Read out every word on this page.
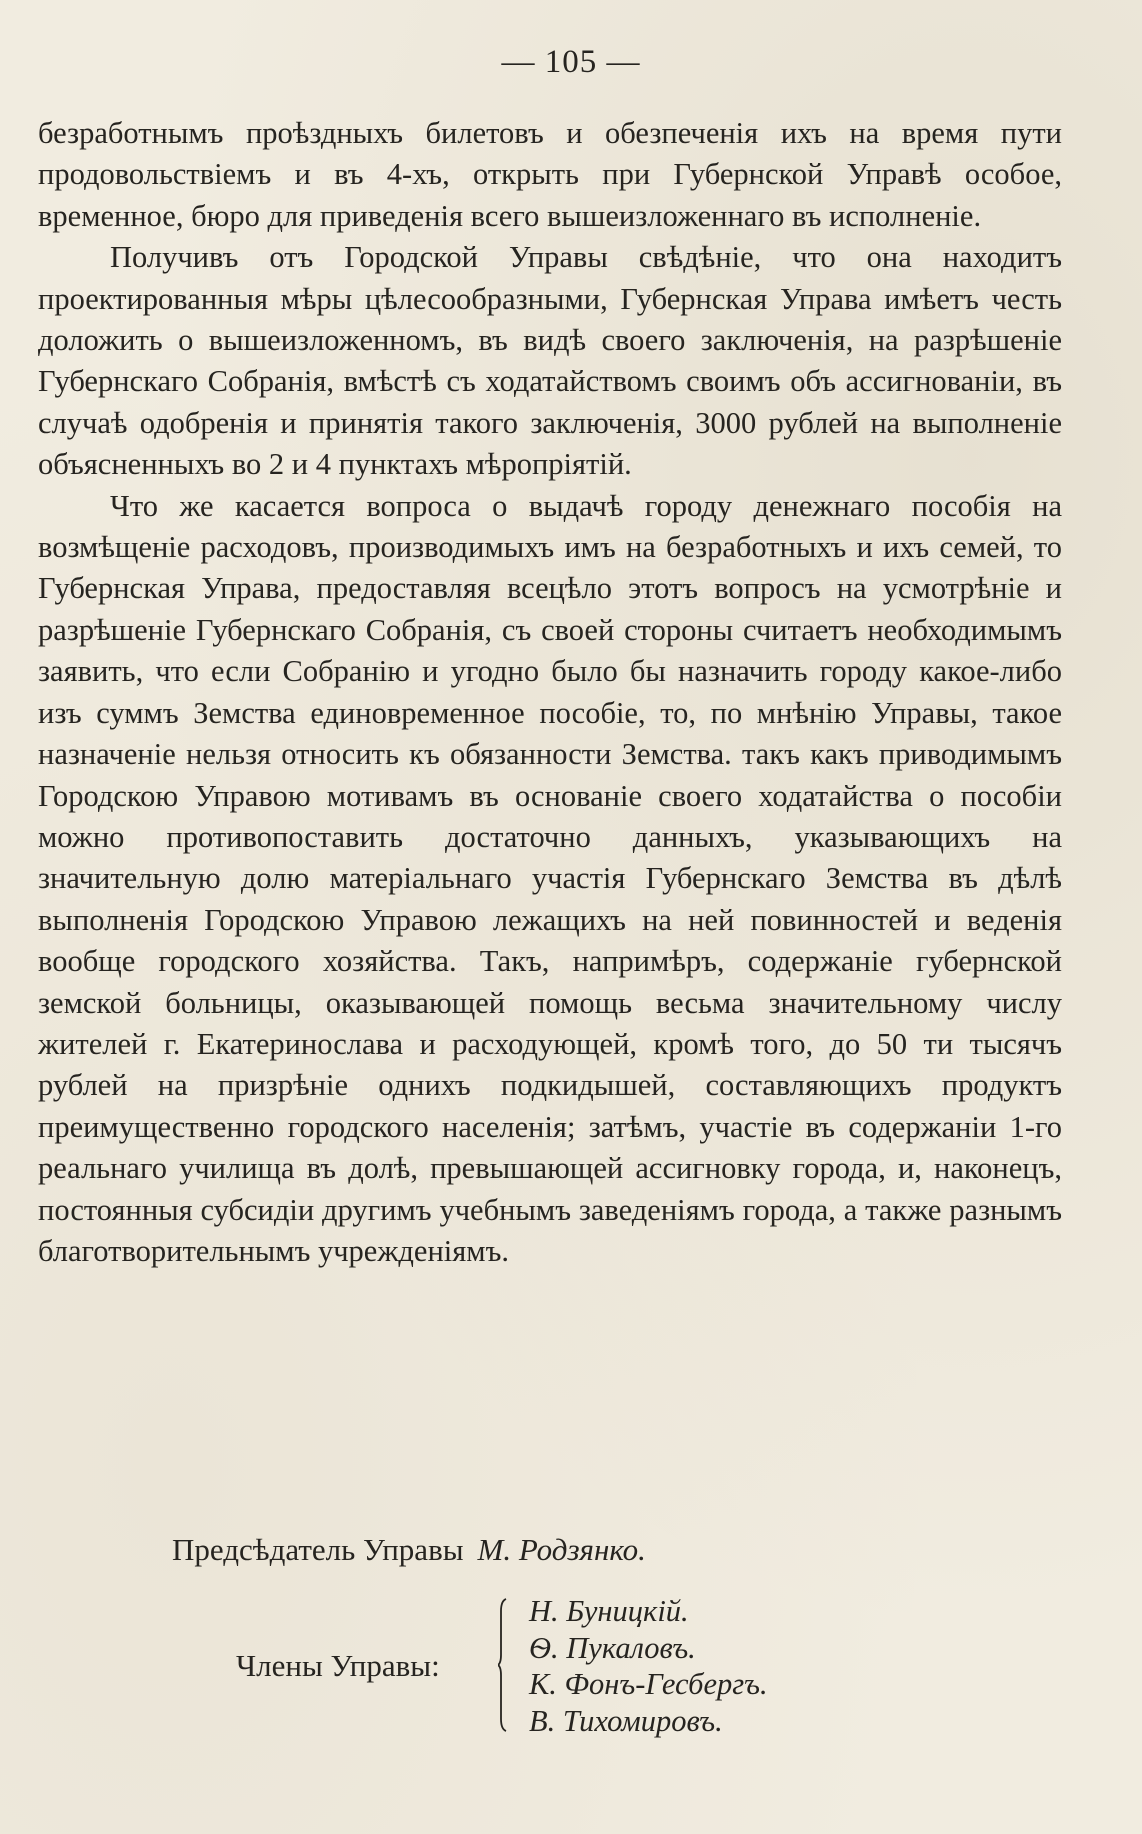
— 105 —

безработнымъ проѣздныхъ билетовъ и обезпеченія ихъ на время пути продовольствіемъ и въ 4-хъ, открыть при Губернской Управѣ особое, временное, бюро для приведенія всего вышеизложеннаго въ исполненіе.

Получивъ отъ Городской Управы свѣдѣніе, что она находитъ проектированныя мѣры цѣлесообразными, Губернская Управа имѣетъ честь доложить о вышеизложенномъ, въ видѣ своего заключенія, на разрѣшеніе Губернскаго Собранія, вмѣстѣ съ ходатайствомъ своимъ объ ассигнованіи, въ случаѣ одобренія и принятія такого заключенія, 3000 рублей на выполненіе объясненныхъ во 2 и 4 пунктахъ мѣропріятій.

Что же касается вопроса о выдачѣ городу денежнаго пособія на возмѣщеніе расходовъ, производимыхъ имъ на безработныхъ и ихъ семей, то Губернская Управа, предоставляя всецѣло этотъ вопросъ на усмотрѣніе и разрѣшеніе Губернскаго Собранія, съ своей стороны считаетъ необходимымъ заявить, что если Собранію и угодно было бы назначить городу какое-либо изъ суммъ Земства единовременное пособіе, то, по мнѣнію Управы, такое назначеніе нельзя относить къ обязанности Земства. такъ какъ приводимымъ Городскою Управою мотивамъ въ основаніе своего ходатайства о пособіи можно противопоставить достаточно данныхъ, указывающихъ на значительную долю матеріальнаго участія Губернскаго Земства въ дѣлѣ выполненія Городскою Управою лежащихъ на ней повинностей и веденія вообще городского хозяйства. Такъ, напримѣръ, содержаніе губернской земской больницы, оказывающей помощь весьма значительному числу жителей г. Екатеринослава и расходующей, кромѣ того, до 50 ти тысячъ рублей на призрѣніе однихъ подкидышей, составляющихъ продуктъ преимущественно городского населенія; затѣмъ, участіе въ содержаніи 1-го реальнаго училища въ долѣ, превышающей ассигновку города, и, наконецъ, постоянныя субсидіи другимъ учебнымъ заведеніямъ города, а также разнымъ благотворительнымъ учрежденіямъ.

Предсѣдатель Управы М. Родзянко.
Члены Управы:
Н. Буницкій.
Ѳ. Пукаловъ.
К. Фонъ-Гесбергъ.
В. Тихомировъ.
